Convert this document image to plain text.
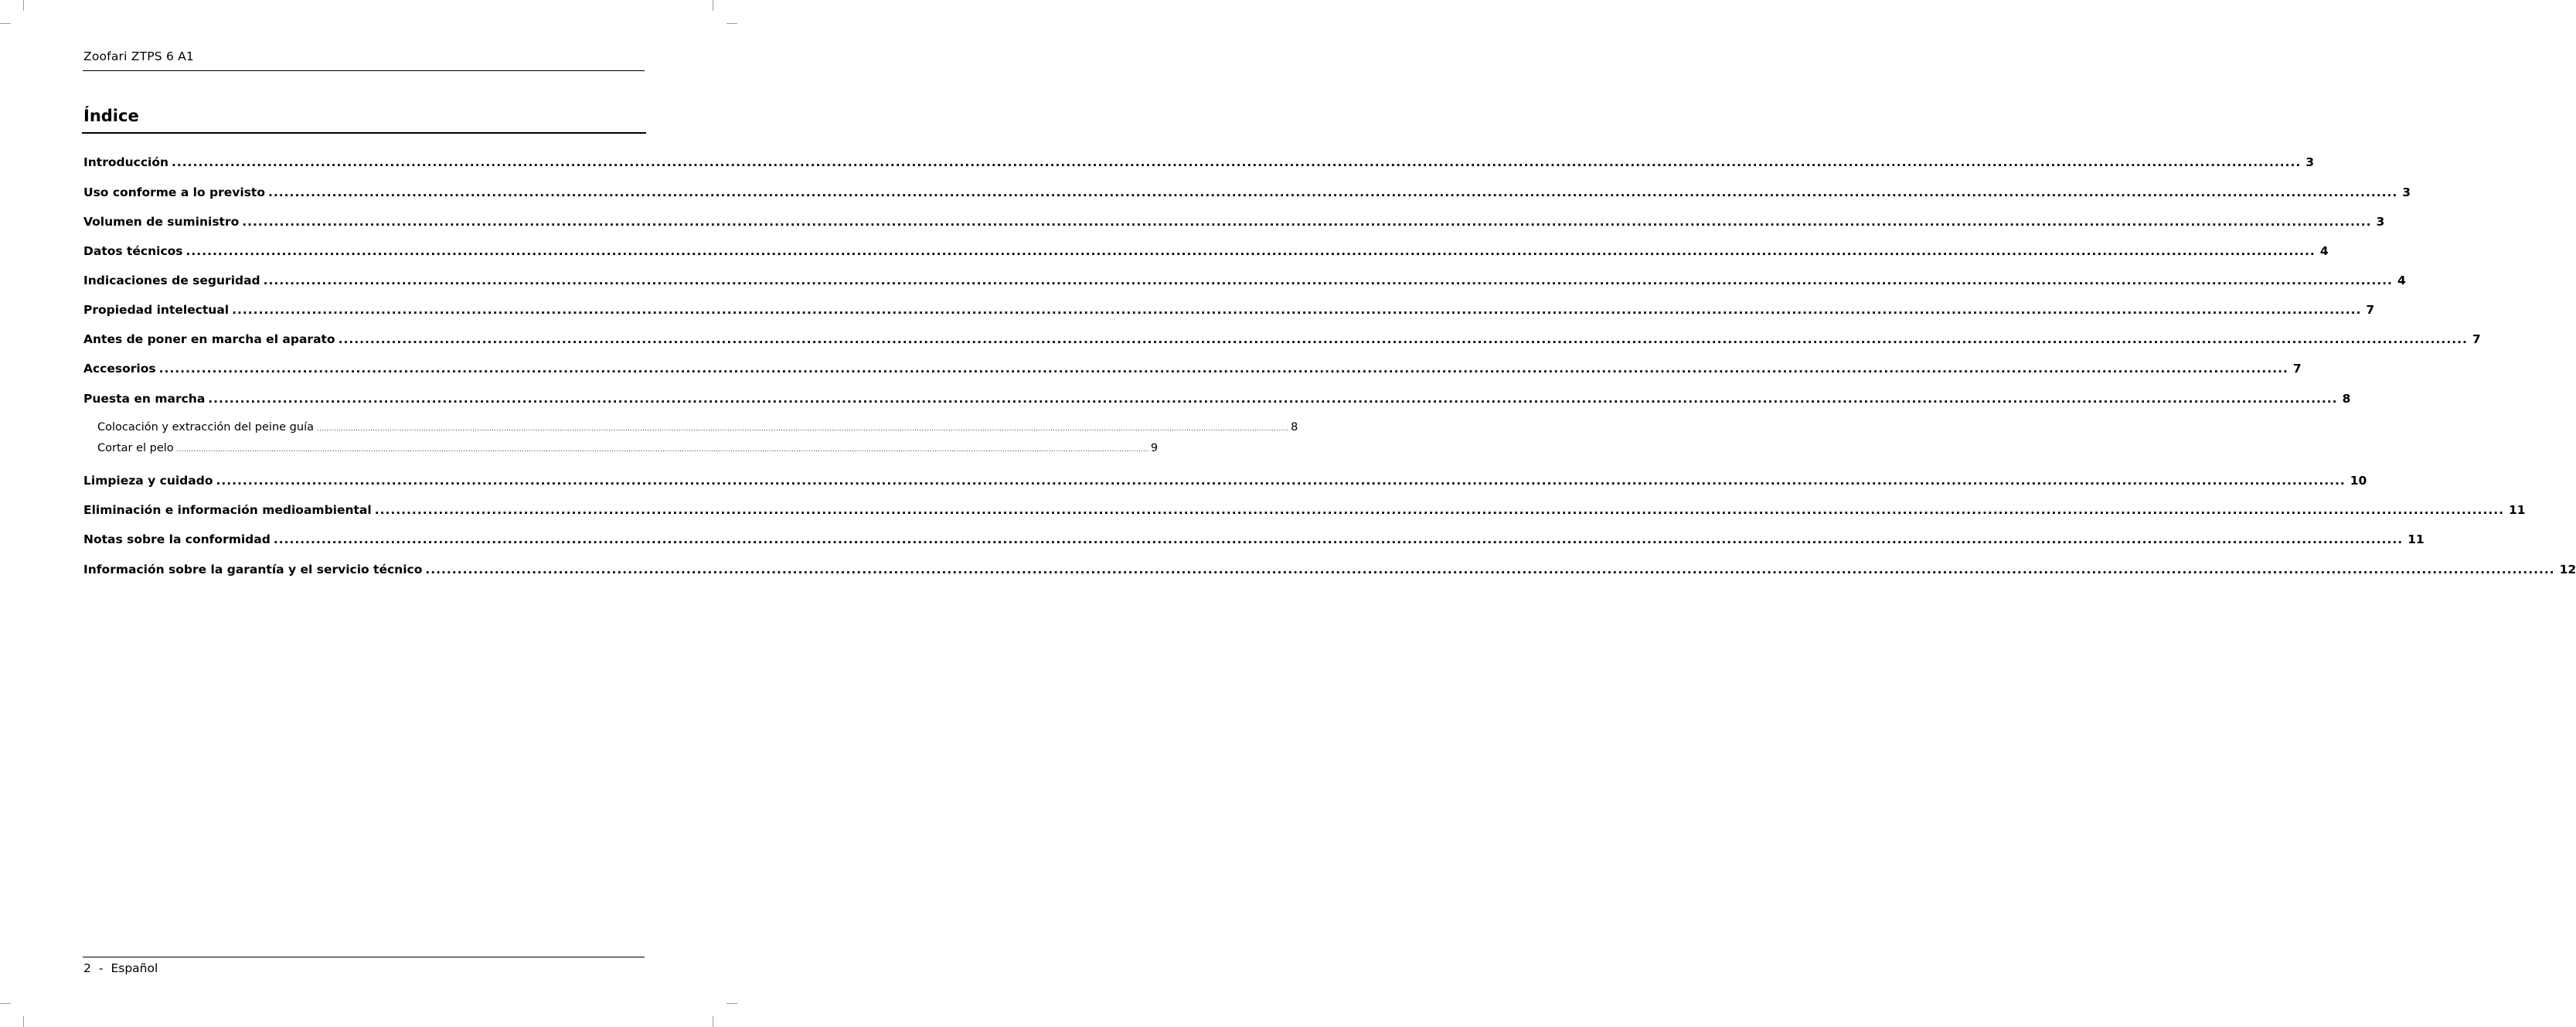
Zoofari ZTPS 6 A1
Índice
Introducción ................................................................................................................................................................................................................................................................................................................................................................................................................ 3
Uso conforme a lo previsto ................................................................................................................................................................................................................................................................................................................................................................................................................ 3
Volumen de suministro ................................................................................................................................................................................................................................................................................................................................................................................................................ 3
Datos técnicos ................................................................................................................................................................................................................................................................................................................................................................................................................ 4
Indicaciones de seguridad ................................................................................................................................................................................................................................................................................................................................................................................................................ 4
Propiedad intelectual ................................................................................................................................................................................................................................................................................................................................................................................................................ 7
Antes de poner en marcha el aparato ................................................................................................................................................................................................................................................................................................................................................................................................................ 7
Accesorios ................................................................................................................................................................................................................................................................................................................................................................................................................ 7
Puesta en marcha ................................................................................................................................................................................................................................................................................................................................................................................................................ 8
Colocación y extracción del peine guía ................................................................................................................................................................................................................................................................................................................................................................................................................ 8
Cortar el pelo ................................................................................................................................................................................................................................................................................................................................................................................................................ 9
Limpieza y cuidado ................................................................................................................................................................................................................................................................................................................................................................................................................ 10
Eliminación e información medioambiental ................................................................................................................................................................................................................................................................................................................................................................................................................ 11
Notas sobre la conformidad ................................................................................................................................................................................................................................................................................................................................................................................................................ 11
Información sobre la garantía y el servicio técnico ................................................................................................................................................................................................................................................................................................................................................................................................................ 12
2 - Español
